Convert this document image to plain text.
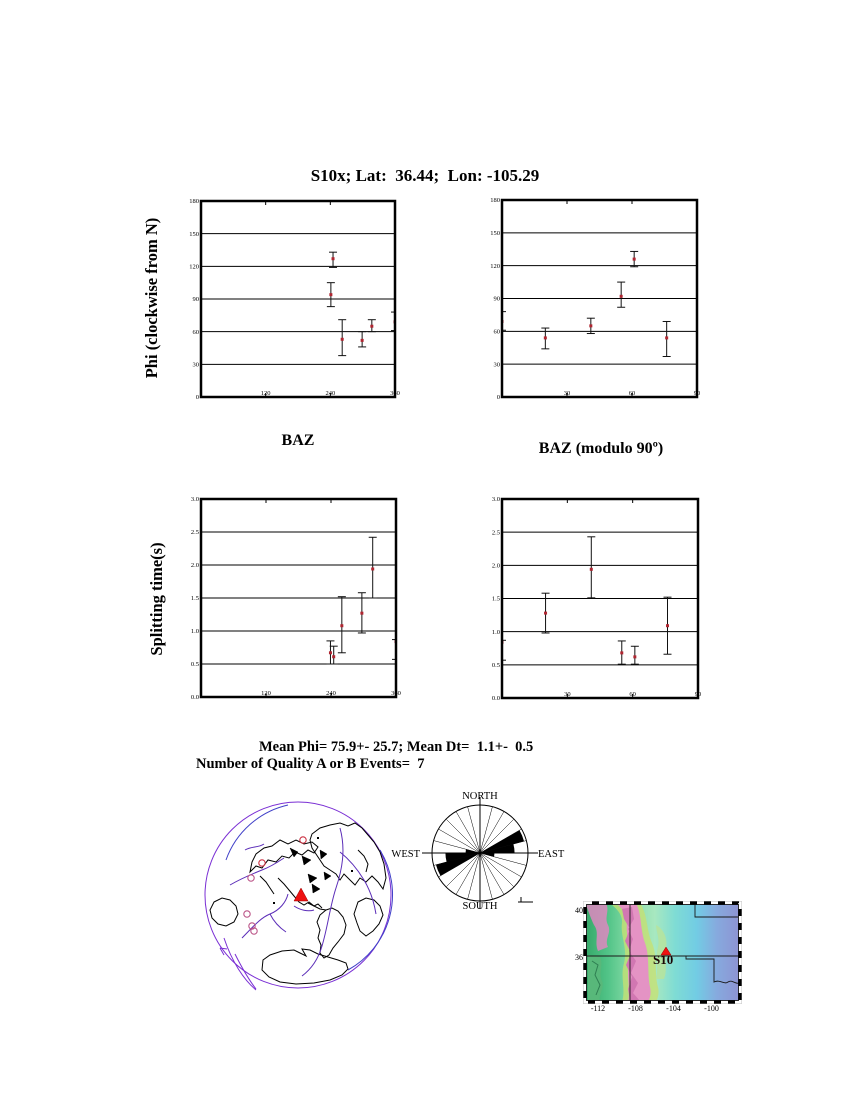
S10x; Lat:  36.44;  Lon: -105.29
Phi (clockwise from N)
Splitting time(s)
0
30
60
90
120
150
180
120	240	360
0
30
60
90
120
150
180
30	60	90
0.0
0.5
1.0
1.5
2.0
2.5
3.0
120	240	360
0.0
0.5
1.0
1.5
2.0
2.5
3.0
30	60	90
BAZ	BAZ (modulo 90º)
Mean Phi= 75.9+- 25.7; Mean Dt=  1.1+-  0.5
Number of Quality A or B Events=  7
NORTH
SOUTH
WEST	EAST
S10
40
36
-112	-108	-104	-100
